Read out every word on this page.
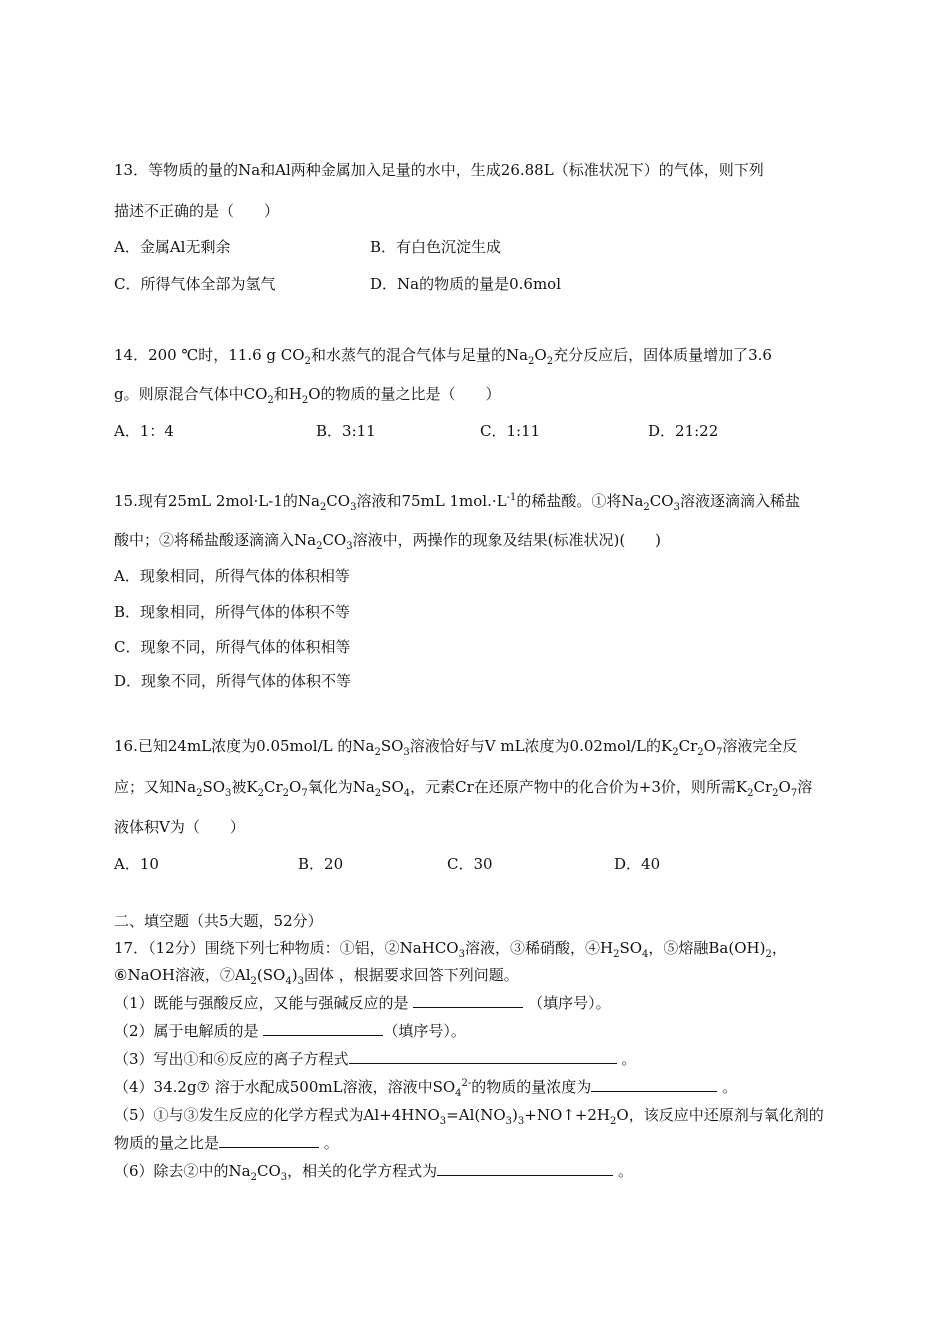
13．等物质的量的Na和Al两种金属加入足量的水中，生成26.88L（标准状况下）的气体，则下列
描述不正确的是（　　）
A．金属Al无剩余	B．有白色沉淀生成
C．所得气体全部为氢气	D．Na的物质的量是0.6mol
14．200 ℃时，11.6 g $CO_2$和水蒸气的混合气体与足量的$Na_2O_2$充分反应后，固体质量增加了3.6
g。则原混合气体中$CO_2$和$H_2O$的物质的量之比是（　　）
A．1：4	B．3:11	C．1:11	D．21:22
15.现有25mL 2mol·L-1的$Na_2CO_3$溶液和75mL $1mol.\cdot L^{-1}$的稀盐酸。①将$Na_2CO_3$溶液逐滴滴入稀盐
酸中；②将稀盐酸逐滴滴入$Na_2CO_3$溶液中，两操作的现象及结果(标准状况)(　　)
A．现象相同，所得气体的体积相等
B．现象相同，所得气体的体积不等
C．现象不同，所得气体的体积相等
D．现象不同，所得气体的体积不等
16.已知24mL浓度为0.05mol/L 的$Na_2SO_3$溶液恰好与V mL浓度为0.02mol/L的$K_2Cr_2O_7$溶液完全反
应；又知$Na_2SO_3$被$K_2Cr_2O_7$氧化为$Na_2SO_4$，元素Cr在还原产物中的化合价为+3价，则所需$K_2Cr_2O_7$溶
液体积V为（　　）
A．10	B．20	C．30	D．40
二、填空题（共5大题，52分）
17．（12分）围绕下列七种物质：①铝，②NaHCO$_3$溶液，③稀硝酸，$④H_2SO_4$，⑤熔融$Ba(OH)_2$，
⑥NaOH溶液，$⑦Al_2(SO_4)_3$固体 ，根据要求回答下列问题。
（1）既能与强酸反应，又能与强碱反应的是	（填序号）。
（2）属于电解质的是	（填序号）。
（3）写出①和⑥反应的离子方程式	。
（4）34.2g⑦ 溶于水配成500mL溶液，溶液中$SO_4^{2-}$的物质的量浓度为	。
（5）①与③发生反应的化学方程式为$Al+4HNO_3=Al(NO_3)_3+NO↑+2H_2O$，该反应中还原剂与氧化剂的
物质的量之比是	。
（6）除去②中的$Na_2CO_3$，相关的化学方程式为	。
